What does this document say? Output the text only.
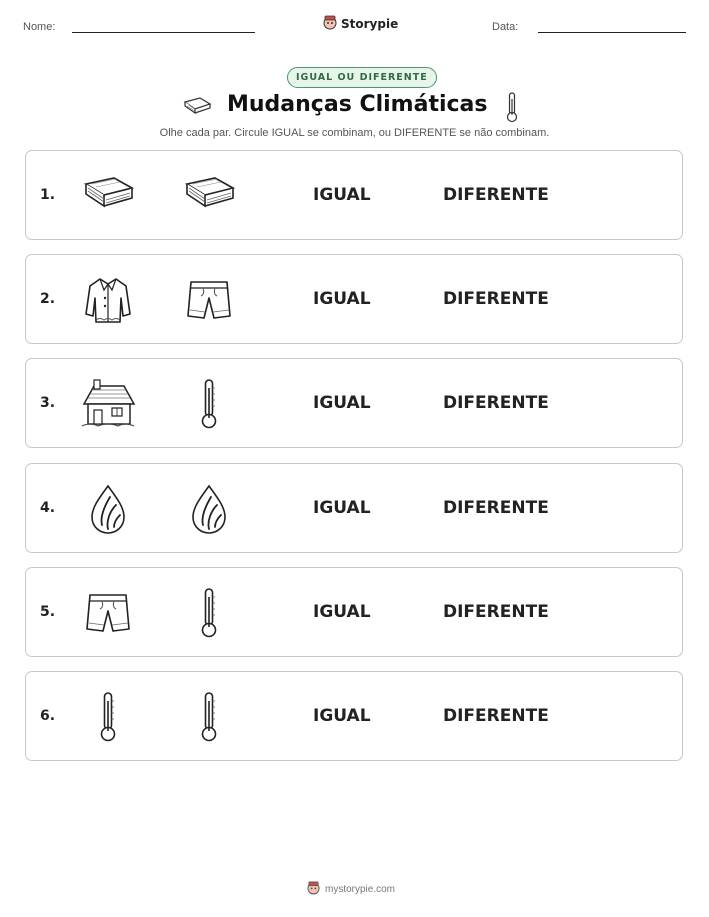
Nome:	Storypie	Data:
IGUAL OU DIFERENTE
Mudanças Climáticas
Olhe cada par. Circule IGUAL se combinam, ou DIFERENTE se não combinam.
1.	IGUAL	DIFERENTE
2.	IGUAL	DIFERENTE
3.	IGUAL	DIFERENTE
4.	IGUAL	DIFERENTE
5.	IGUAL	DIFERENTE
6.	IGUAL	DIFERENTE
mystorypie.com
